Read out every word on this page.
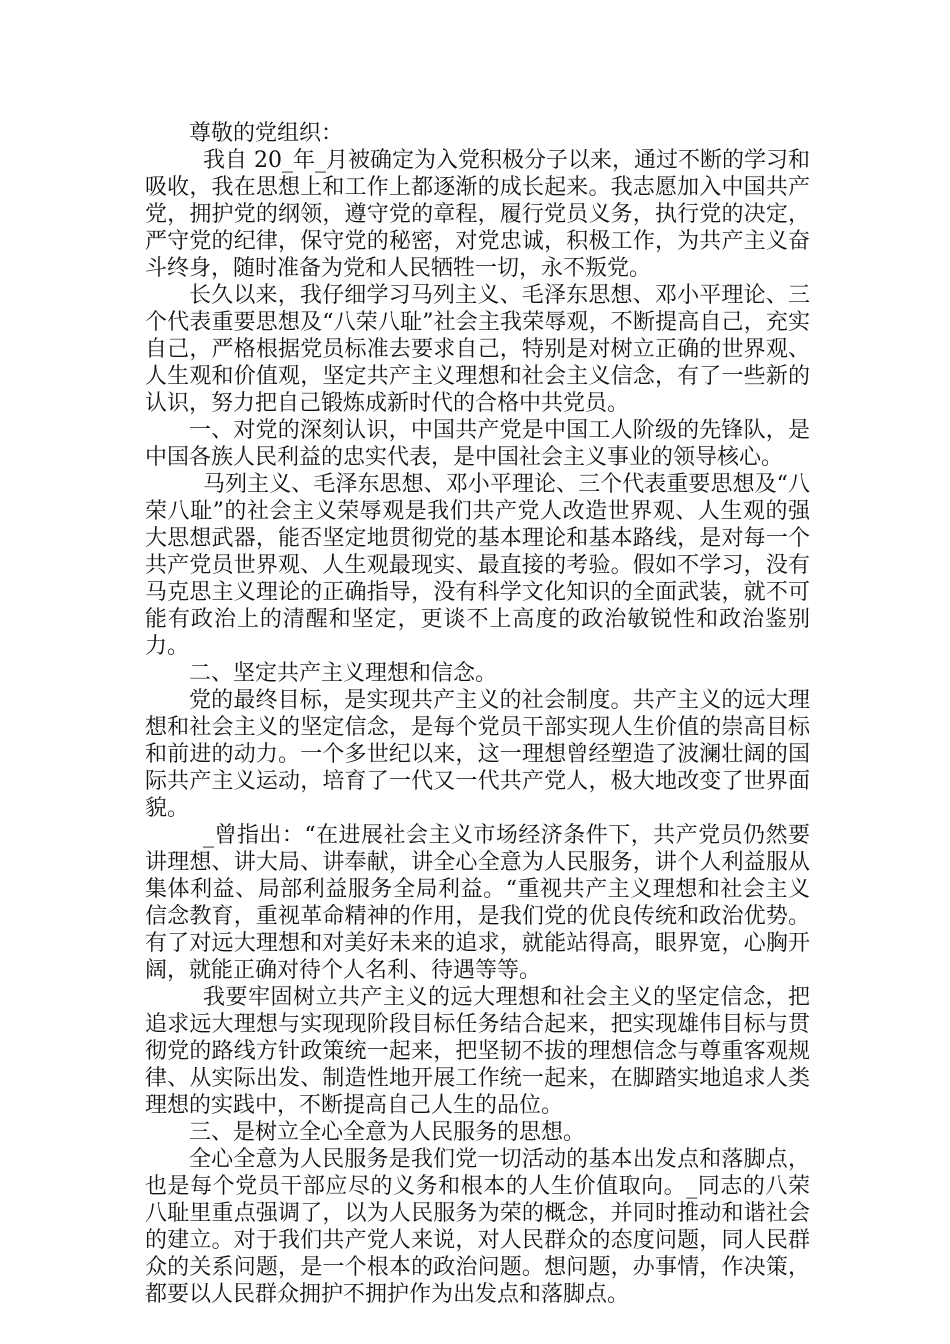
尊敬的党组织：

我自 20_年_月被确定为入党积极分子以来，通过不断的学习和吸收，我在思想上和工作上都逐渐的成长起来。我志愿加入中国共产党，拥护党的纲领，遵守党的章程，履行党员义务，执行党的决定，严守党的纪律，保守党的秘密，对党忠诚，积极工作，为共产主义奋斗终身，随时准备为党和人民牺牲一切，永不叛党。

长久以来，我仔细学习马列主义、毛泽东思想、邓小平理论、三个代表重要思想及“八荣八耻”社会主我荣辱观，不断提高自己，充实自己，严格根据党员标准去要求自己，特别是对树立正确的世界观、人生观和价值观，坚定共产主义理想和社会主义信念，有了一些新的认识，努力把自己锻炼成新时代的合格中共党员。

一、对党的深刻认识，中国共产党是中国工人阶级的先锋队，是中国各族人民利益的忠实代表，是中国社会主义事业的领导核心。

马列主义、毛泽东思想、邓小平理论、三个代表重要思想及“八荣八耻”的社会主义荣辱观是我们共产党人改造世界观、人生观的强大思想武器，能否坚定地贯彻党的基本理论和基本路线，是对每一个共产党员世界观、人生观最现实、最直接的考验。假如不学习，没有马克思主义理论的正确指导，没有科学文化知识的全面武装，就不可能有政治上的清醒和坚定，更谈不上高度的政治敏锐性和政治鉴别力。

二、坚定共产主义理想和信念。

党的最终目标，是实现共产主义的社会制度。共产主义的远大理想和社会主义的坚定信念，是每个党员干部实现人生价值的崇高目标和前进的动力。一个多世纪以来，这一理想曾经塑造了波澜壮阔的国际共产主义运动，培育了一代又一代共产党人，极大地改变了世界面貌。

_曾指出：“在进展社会主义市场经济条件下，共产党员仍然要讲理想、讲大局、讲奉献，讲全心全意为人民服务，讲个人利益服从集体利益、局部利益服务全局利益。“重视共产主义理想和社会主义信念教育，重视革命精神的作用，是我们党的优良传统和政治优势。有了对远大理想和对美好未来的追求，就能站得高，眼界宽，心胸开阔，就能正确对待个人名利、待遇等等。

我要牢固树立共产主义的远大理想和社会主义的坚定信念，把追求远大理想与实现现阶段目标任务结合起来，把实现雄伟目标与贯彻党的路线方针政策统一起来，把坚韧不拔的理想信念与尊重客观规律、从实际出发、制造性地开展工作统一起来，在脚踏实地追求人类理想的实践中，不断提高自己人生的品位。

三、是树立全心全意为人民服务的思想。

全心全意为人民服务是我们党一切活动的基本出发点和落脚点，也是每个党员干部应尽的义务和根本的人生价值取向。_同志的八荣八耻里重点强调了，以为人民服务为荣的概念，并同时推动和谐社会的建立。对于我们共产党人来说，对人民群众的态度问题，同人民群众的关系问题，是一个根本的政治问题。想问题，办事情，作决策，都要以人民群众拥护不拥护作为出发点和落脚点。
